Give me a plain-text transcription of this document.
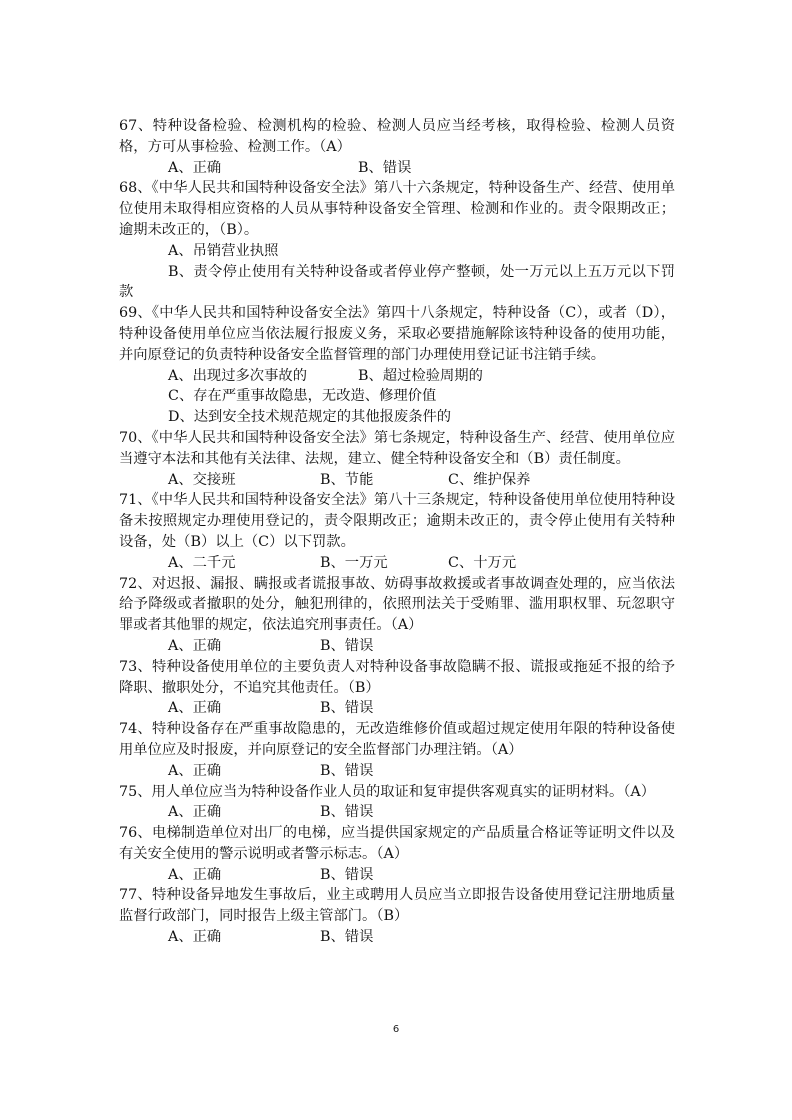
67、特种设备检验、检测机构的检验、检测人员应当经考核，取得检验、检测人员资格，方可从事检验、检测工作。（A）
A、正确	B、错误
68、《中华人民共和国特种设备安全法》第八十六条规定，特种设备生产、经营、使用单位使用未取得相应资格的人员从事特种设备安全管理、检测和作业的。责令限期改正；逾期未改正的，（B）。
A、吊销营业执照
B、责令停止使用有关特种设备或者停业停产整顿，处一万元以上五万元以下罚款
69、《中华人民共和国特种设备安全法》第四十八条规定，特种设备（C），或者（D），特种设备使用单位应当依法履行报废义务，采取必要措施解除该特种设备的使用功能，并向原登记的负责特种设备安全监督管理的部门办理使用登记证书注销手续。
A、出现过多次事故的	B、超过检验周期的
C、存在严重事故隐患，无改造、修理价值
D、达到安全技术规范规定的其他报废条件的
70、《中华人民共和国特种设备安全法》第七条规定，特种设备生产、经营、使用单位应当遵守本法和其他有关法律、法规，建立、健全特种设备安全和（B）责任制度。
A、交接班	B、节能	C、维护保养
71、《中华人民共和国特种设备安全法》第八十三条规定，特种设备使用单位使用特种设备未按照规定办理使用登记的，责令限期改正；逾期未改正的，责令停止使用有关特种设备，处（B）以上（C）以下罚款。
A、二千元	B、一万元	C、十万元
72、对迟报、漏报、瞒报或者谎报事故、妨碍事故救援或者事故调查处理的，应当依法给予降级或者撤职的处分，触犯刑律的，依照刑法关于受贿罪、滥用职权罪、玩忽职守罪或者其他罪的规定，依法追究刑事责任。（A）
A、正确	B、错误
73、特种设备使用单位的主要负责人对特种设备事故隐瞒不报、谎报或拖延不报的给予降职、撤职处分，不追究其他责任。（B）
A、正确	B、错误
74、特种设备存在严重事故隐患的，无改造维修价值或超过规定使用年限的特种设备使用单位应及时报废，并向原登记的安全监督部门办理注销。（A）
A、正确	B、错误
75、用人单位应当为特种设备作业人员的取证和复审提供客观真实的证明材料。（A）
A、正确	B、错误
76、电梯制造单位对出厂的电梯，应当提供国家规定的产品质量合格证等证明文件以及有关安全使用的警示说明或者警示标志。（A）
A、正确	B、错误
77、特种设备异地发生事故后，业主或聘用人员应当立即报告设备使用登记注册地质量监督行政部门，同时报告上级主管部门。（B）
A、正确	B、错误
6
